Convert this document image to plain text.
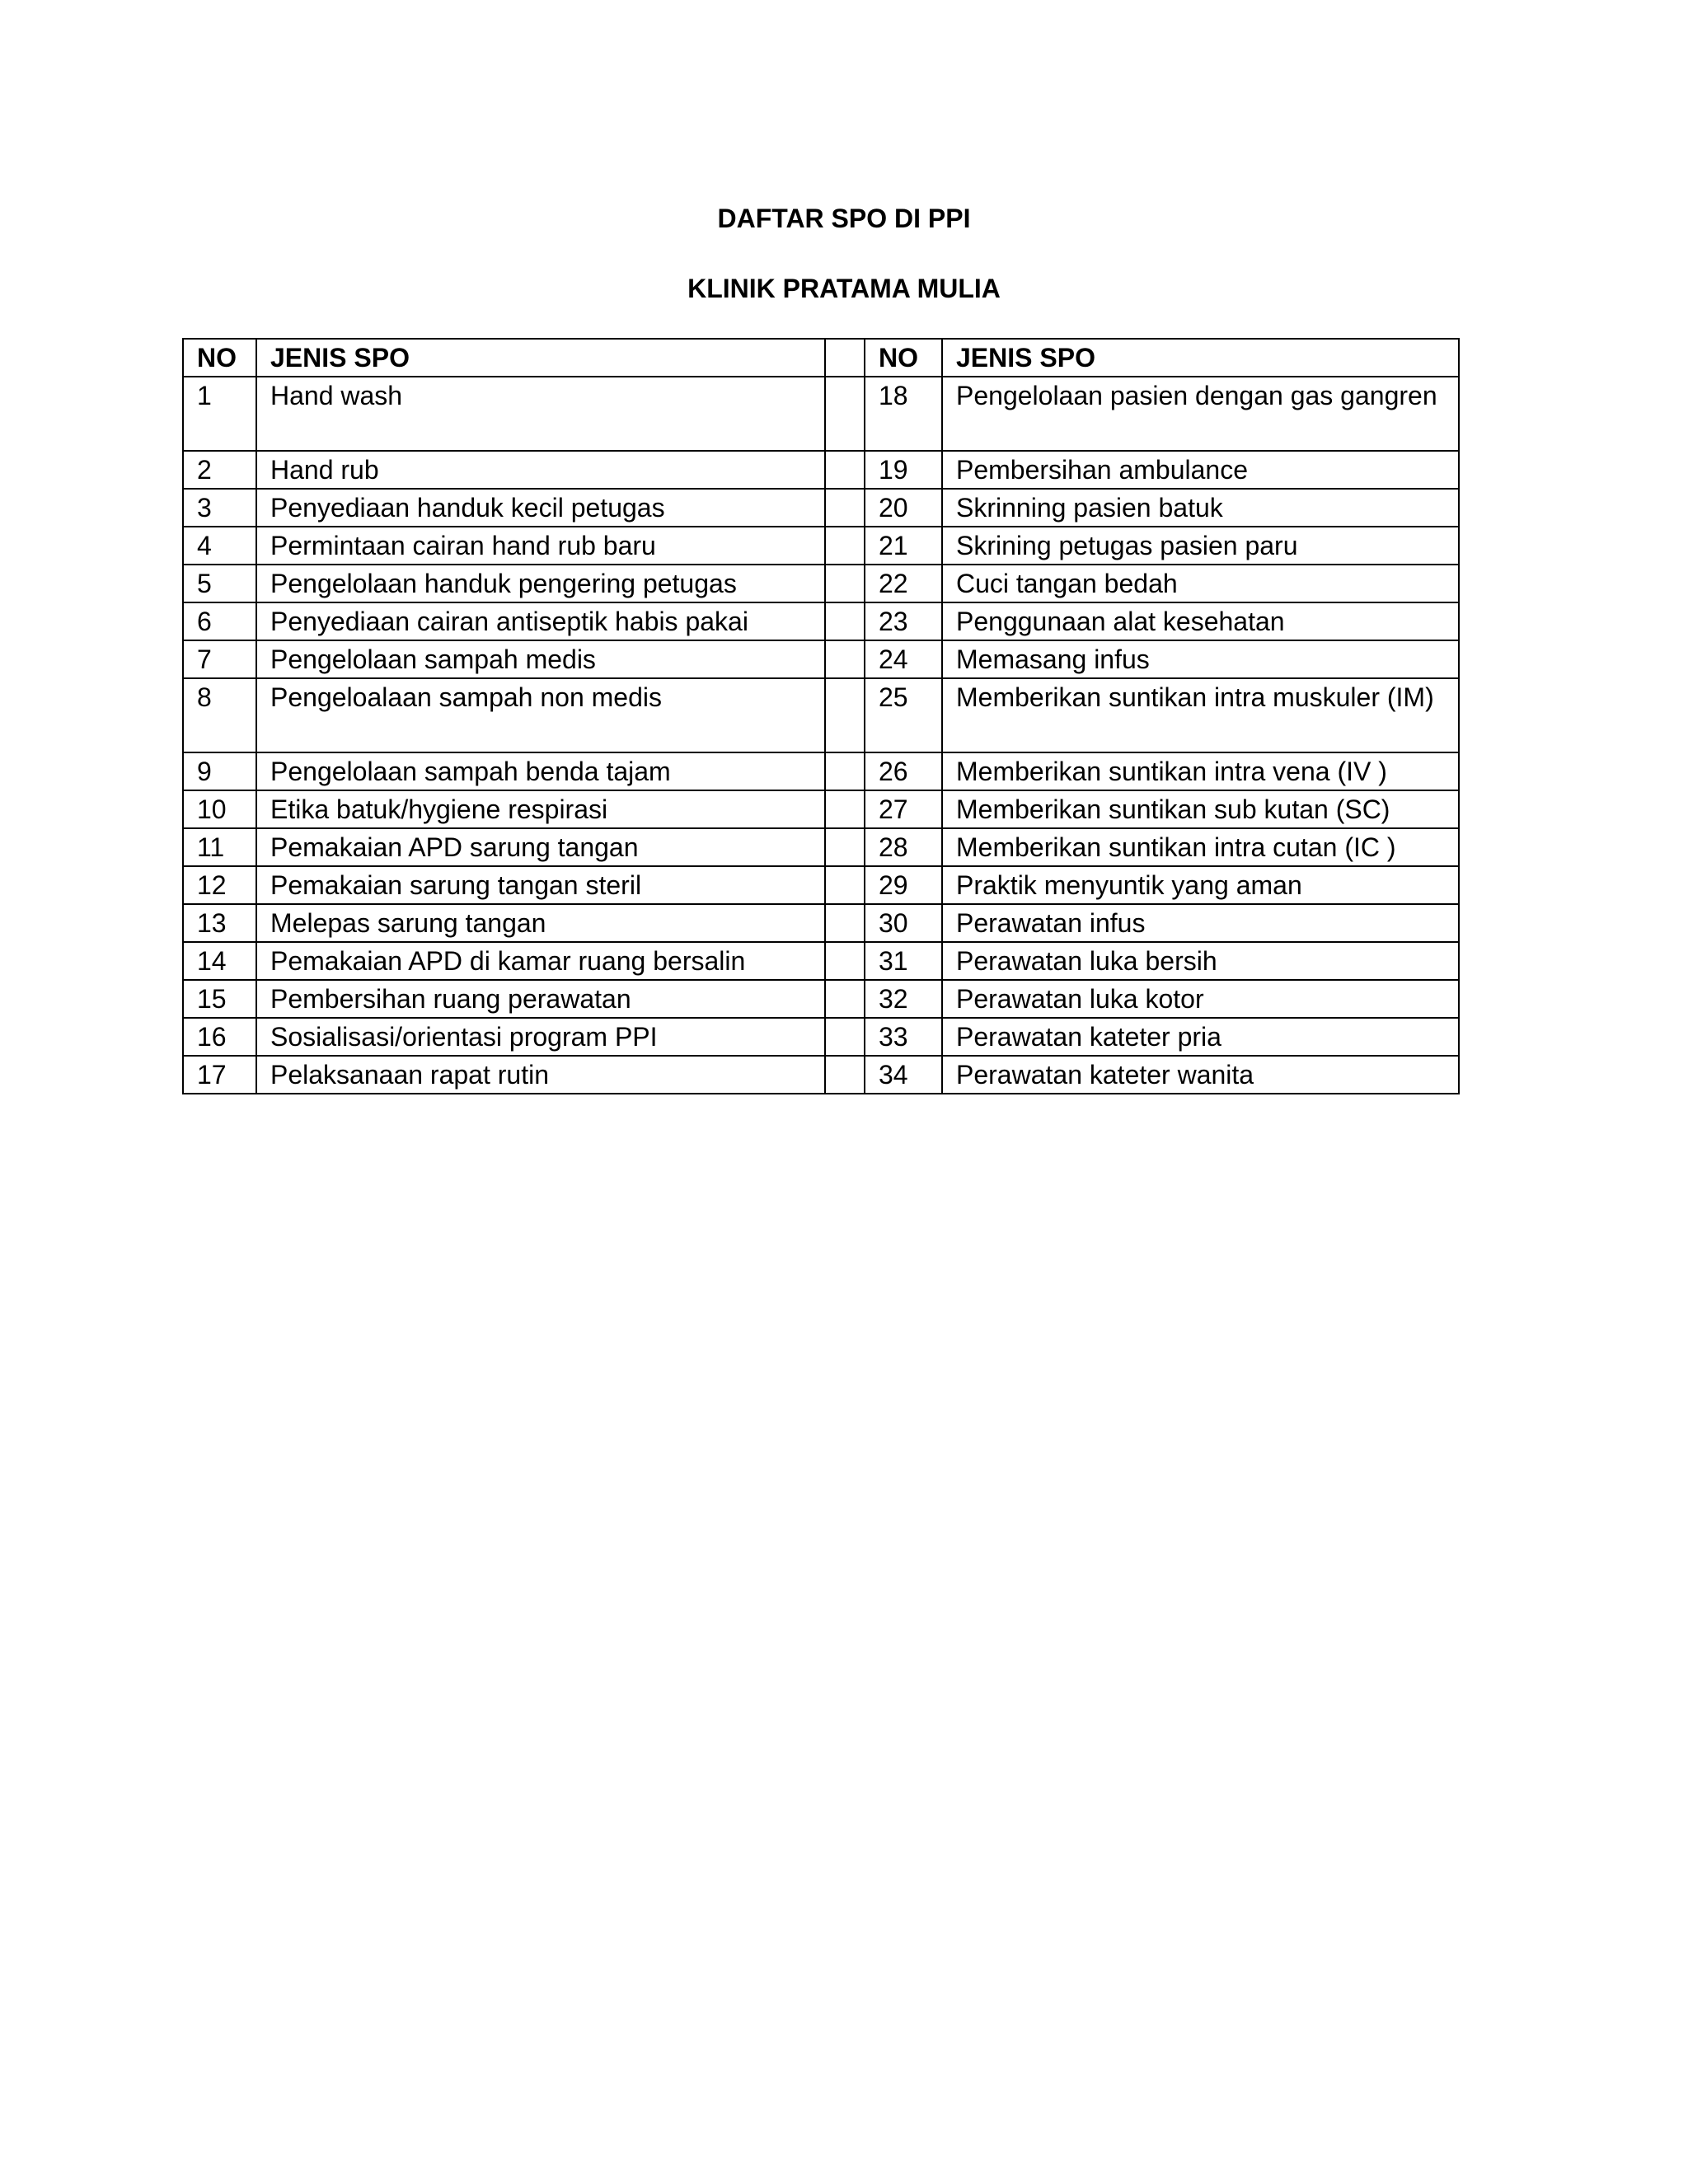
DAFTAR SPO DI PPI
KLINIK PRATAMA MULIA
NO	JENIS SPO		NO	JENIS SPO
1	Hand wash		18	Pengelolaan pasien dengan gas gangren
2	Hand rub		19	Pembersihan ambulance
3	Penyediaan handuk kecil petugas		20	Skrinning pasien batuk
4	Permintaan cairan hand rub baru		21	Skrining petugas pasien paru
5	Pengelolaan handuk pengering petugas		22	Cuci tangan bedah
6	Penyediaan cairan antiseptik habis pakai		23	Penggunaan alat kesehatan
7	Pengelolaan sampah medis		24	Memasang infus
8	Pengeloalaan sampah non medis		25	Memberikan suntikan intra muskuler (IM)
9	Pengelolaan sampah benda tajam		26	Memberikan suntikan intra vena (IV )
10	Etika batuk/hygiene respirasi		27	Memberikan suntikan sub kutan (SC)
11	Pemakaian APD sarung tangan		28	Memberikan suntikan intra cutan (IC )
12	Pemakaian sarung tangan steril		29	Praktik menyuntik yang aman
13	Melepas sarung tangan		30	Perawatan infus
14	Pemakaian APD di kamar ruang bersalin		31	Perawatan luka bersih
15	Pembersihan ruang perawatan		32	Perawatan luka kotor
16	Sosialisasi/orientasi program PPI		33	Perawatan kateter pria
17	Pelaksanaan rapat rutin		34	Perawatan kateter wanita
